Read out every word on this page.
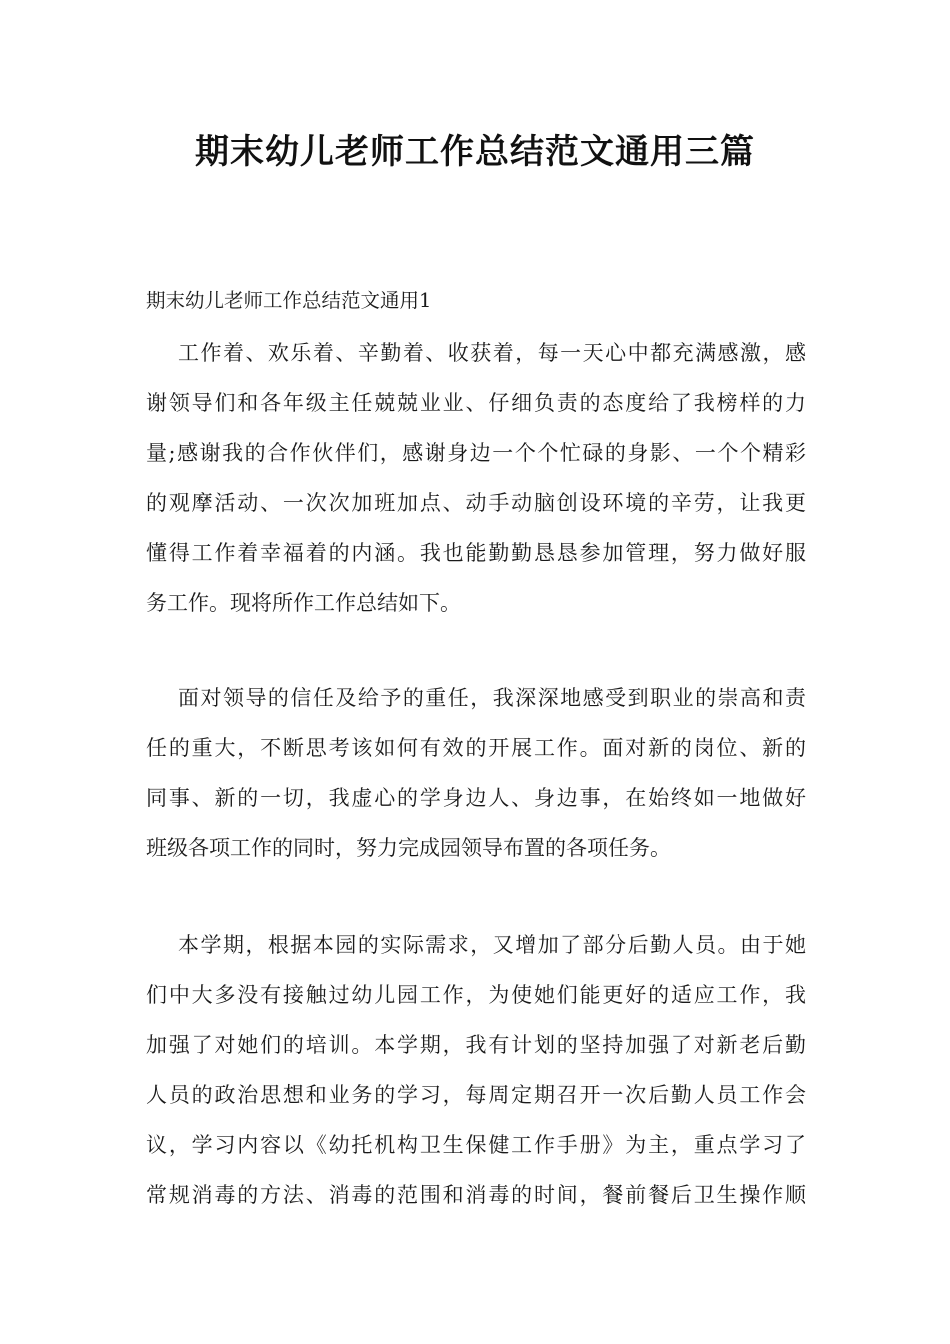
期末幼儿老师工作总结范文通用三篇
期末幼儿老师工作总结范文通用1
工作着、欢乐着、辛勤着、收获着，每一天心中都充满感激，感
谢领导们和各年级主任兢兢业业、仔细负责的态度给了我榜样的力
量;感谢我的合作伙伴们，感谢身边一个个忙碌的身影、一个个精彩
的观摩活动、一次次加班加点、动手动脑创设环境的辛劳，让我更
懂得工作着幸福着的内涵。我也能勤勤恳恳参加管理，努力做好服
务工作。现将所作工作总结如下。
面对领导的信任及给予的重任，我深深地感受到职业的崇高和责
任的重大，不断思考该如何有效的开展工作。面对新的岗位、新的
同事、新的一切，我虚心的学身边人、身边事，在始终如一地做好
班级各项工作的同时，努力完成园领导布置的各项任务。
本学期，根据本园的实际需求，又增加了部分后勤人员。由于她
们中大多没有接触过幼儿园工作，为使她们能更好的适应工作，我
加强了对她们的培训。本学期，我有计划的坚持加强了对新老后勤
人员的政治思想和业务的学习，每周定期召开一次后勤人员工作会
议，学习内容以《幼托机构卫生保健工作手册》为主，重点学习了
常规消毒的方法、消毒的范围和消毒的时间，餐前餐后卫生操作顺
